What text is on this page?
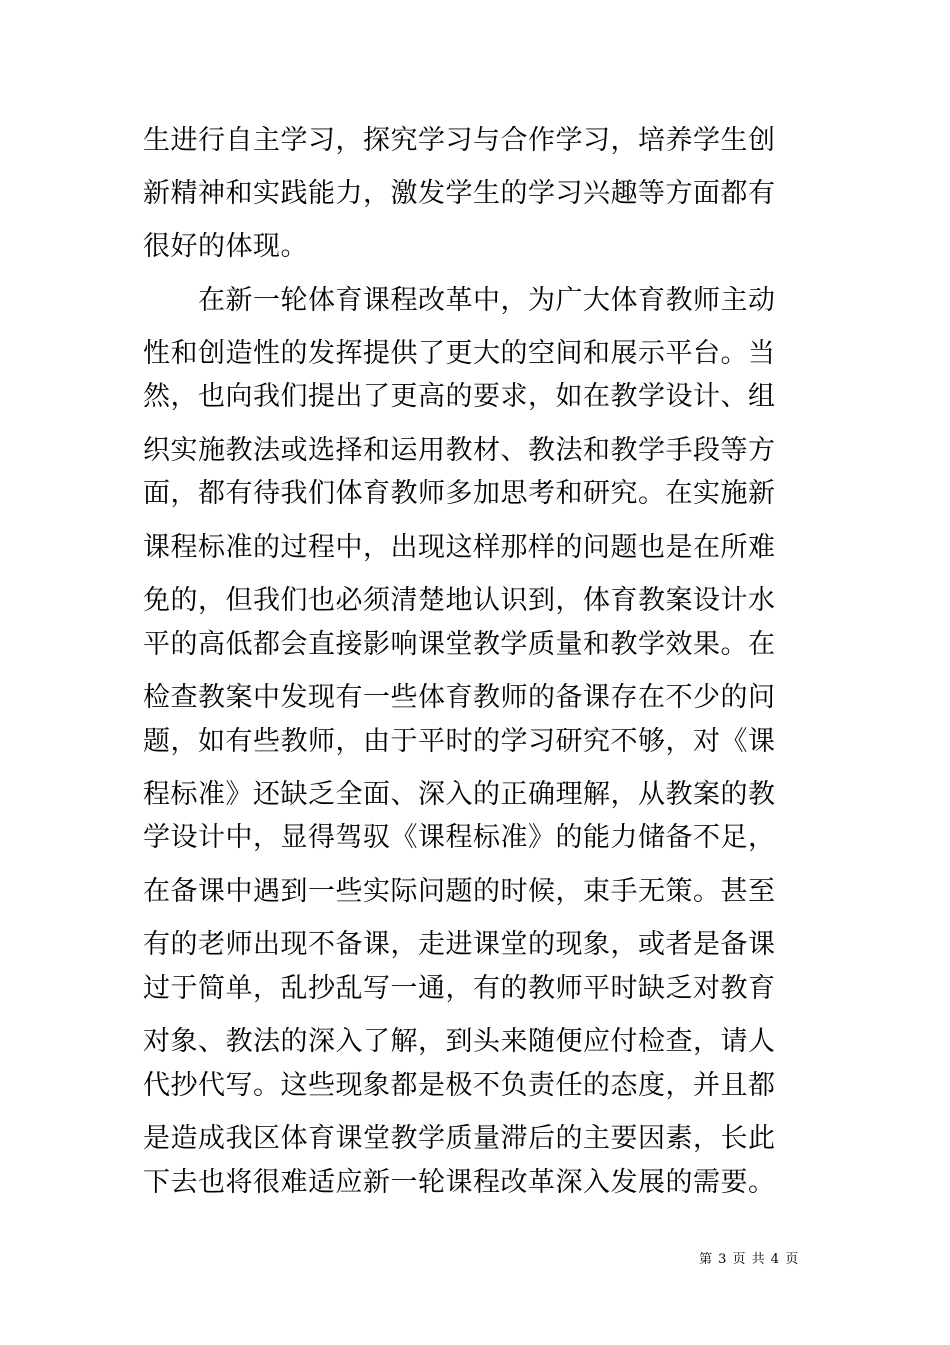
生进行自主学习，探究学习与合作学习，培养学生创
新精神和实践能力，激发学生的学习兴趣等方面都有
很好的体现。
　　在新一轮体育课程改革中，为广大体育教师主动
性和创造性的发挥提供了更大的空间和展示平台。当
然，也向我们提出了更高的要求，如在教学设计、组
织实施教法或选择和运用教材、教法和教学手段等方
面，都有待我们体育教师多加思考和研究。在实施新
课程标准的过程中，出现这样那样的问题也是在所难
免的，但我们也必须清楚地认识到，体育教案设计水
平的高低都会直接影响课堂教学质量和教学效果。在
检查教案中发现有一些体育教师的备课存在不少的问
题，如有些教师，由于平时的学习研究不够，对《课
程标准》还缺乏全面、深入的正确理解，从教案的教
学设计中，显得驾驭《课程标准》的能力储备不足，
在备课中遇到一些实际问题的时候，束手无策。甚至
有的老师出现不备课，走进课堂的现象，或者是备课
过于简单，乱抄乱写一通，有的教师平时缺乏对教育
对象、教法的深入了解，到头来随便应付检查，请人
代抄代写。这些现象都是极不负责任的态度，并且都
是造成我区体育课堂教学质量滞后的主要因素，长此
下去也将很难适应新一轮课程改革深入发展的需要。
第 3 页 共 4 页
